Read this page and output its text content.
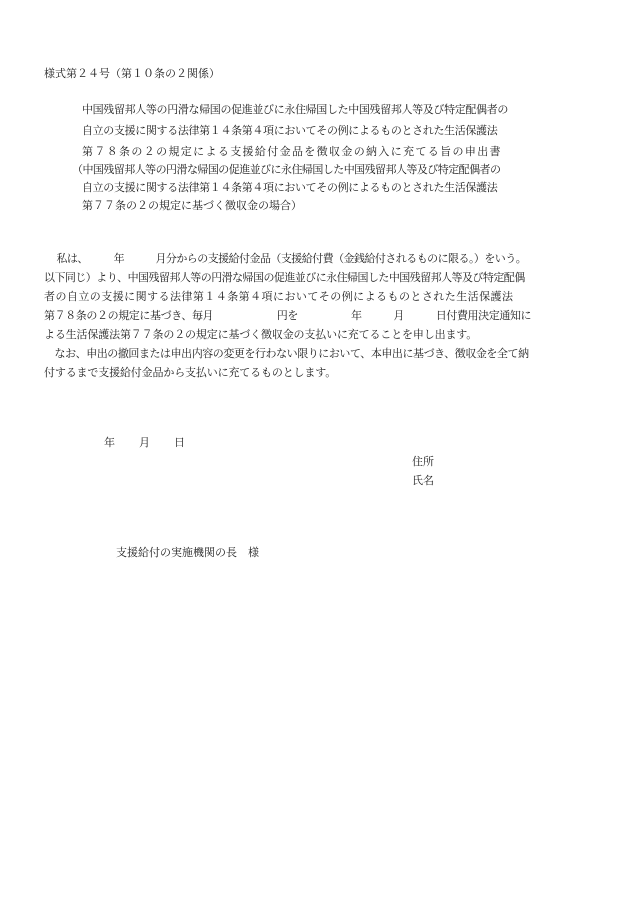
様式第２４号（第１０条の２関係）
中国残留邦人等の円滑な帰国の促進並びに永住帰国した中国残留邦人等及び特定配偶者の
自立の支援に関する法律第１４条第４項においてその例によるものとされた生活保護法
第７８条の２の規定による支援給付金品を徴収金の納入に充てる旨の申出書
（中国残留邦人等の円滑な帰国の促進並びに永住帰国した中国残留邦人等及び特定配偶者の
自立の支援に関する法律第１４条第４項においてその例によるものとされた生活保護法
第７７条の２の規定に基づく徴収金の場合）
　私は、　　　年　　　月分からの支援給付金品（支援給付費（金銭給付されるものに限る。）をいう。
以下同じ）より、中国残留邦人等の円滑な帰国の促進並びに永住帰国した中国残留邦人等及び特定配偶
者の自立の支援に関する法律第１４条第４項においてその例によるものとされた生活保護法
第７８条の２の規定に基づき、毎月　　　　　　円を　　　　　年　　　月　　　日付費用決定通知に
よる生活保護法第７７条の２の規定に基づく徴収金の支払いに充てることを申し出ます。
　なお、申出の撤回または申出内容の変更を行わない限りにおいて、本申出に基づき、徴収金を全て納
付するまで支援給付金品から支払いに充てるものとします。
年 月 日
住所
氏名
支援給付の実施機関の長　様
